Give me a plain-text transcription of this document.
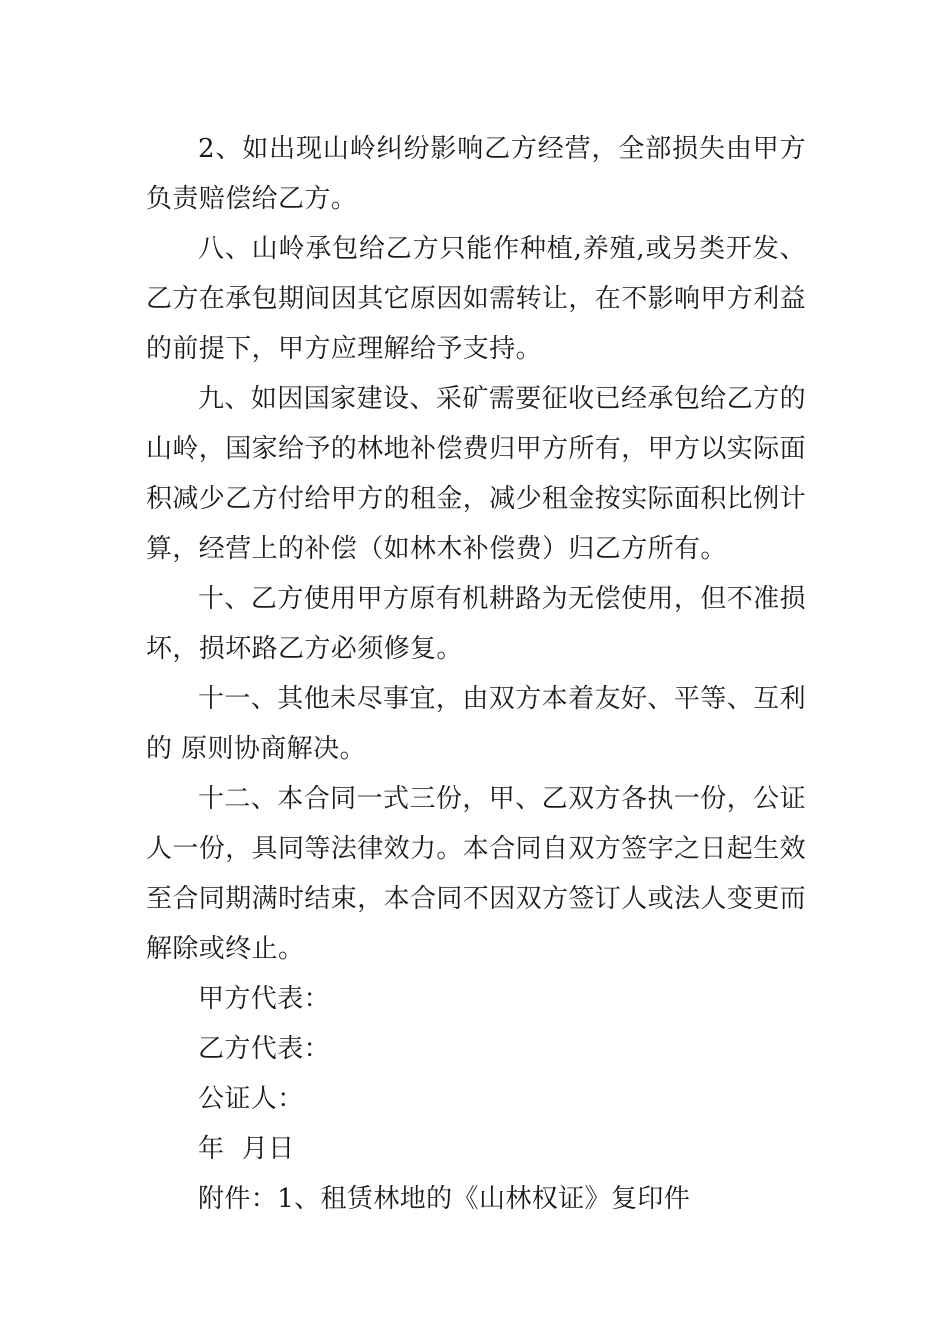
2、如出现山岭纠纷影响乙方经营，全部损失由甲方负责赔偿给乙方。

八、山岭承包给乙方只能作种植,养殖,或另类开发、乙方在承包期间因其它原因如需转让，在不影响甲方利益的前提下，甲方应理解给予支持。

九、如因国家建设、采矿需要征收已经承包给乙方的山岭，国家给予的林地补偿费归甲方所有，甲方以实际面积减少乙方付给甲方的租金，减少租金按实际面积比例计算，经营上的补偿（如林木补偿费）归乙方所有。

十、乙方使用甲方原有机耕路为无偿使用，但不准损坏，损坏路乙方必须修复。

十一、其他未尽事宜，由双方本着友好、平等、互利的 原则协商解决。

十二、本合同一式三份，甲、乙双方各执一份，公证人一份，具同等法律效力。本合同自双方签字之日起生效至合同期满时结束，本合同不因双方签订人或法人变更而解除或终止。

甲方代表：

乙方代表：

公证人：

年  月日

附件：1、租赁林地的《山林权证》复印件
